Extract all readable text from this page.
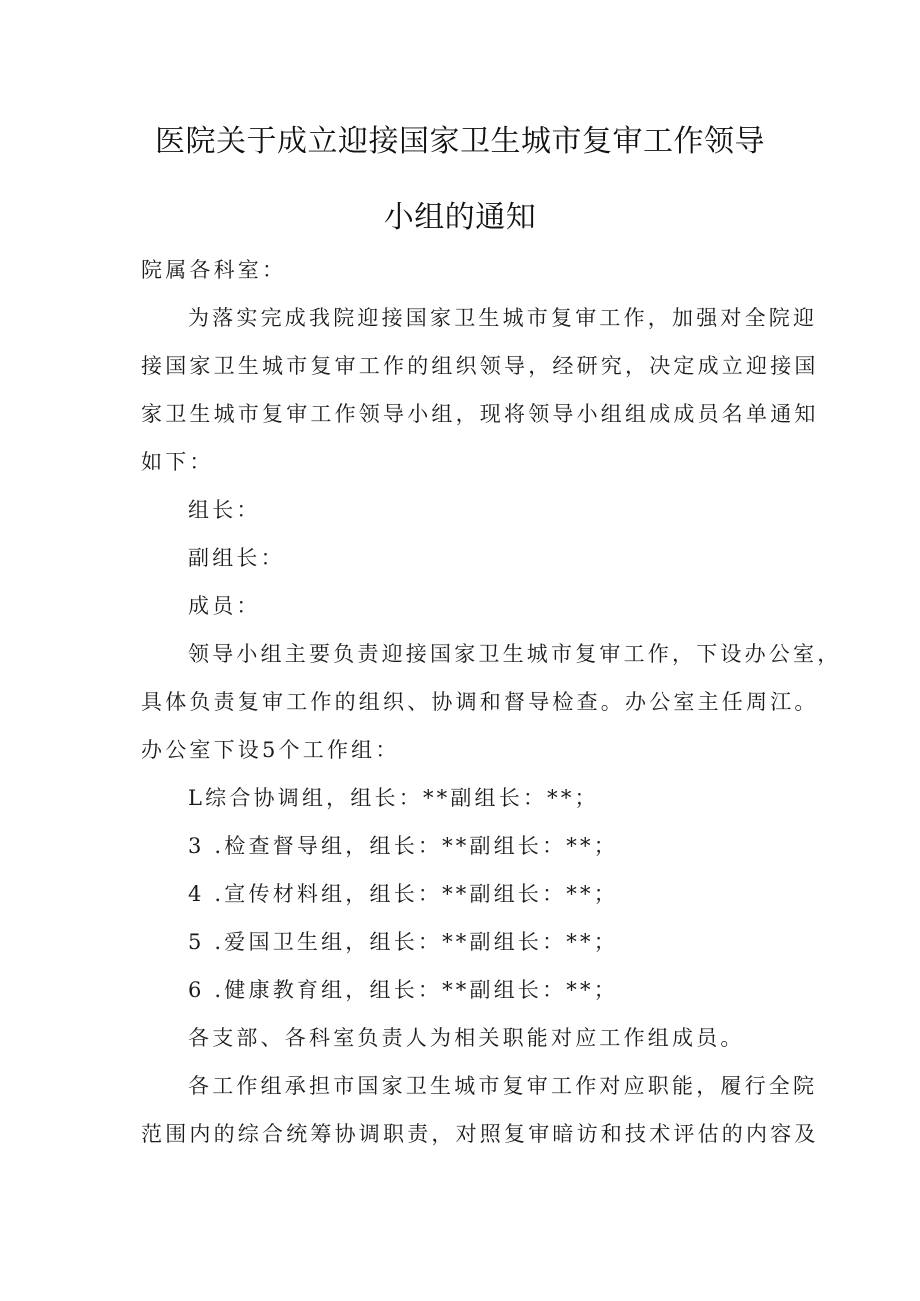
医院关于成立迎接国家卫生城市复审工作领导
小组的通知
院属各科室：
为落实完成我院迎接国家卫生城市复审工作，加强对全院迎
接国家卫生城市复审工作的组织领导，经研究，决定成立迎接国
家卫生城市复审工作领导小组，现将领导小组组成成员名单通知
如下：
组长：
副组长：
成员：
领导小组主要负责迎接国家卫生城市复审工作，下设办公室，
具体负责复审工作的组织、协调和督导检查。办公室主任周江。
办公室下设5个工作组：
L综合协调组，组长：**副组长：**；
3 .检查督导组，组长：**副组长：**；
4 .宣传材料组，组长：**副组长：**；
5 .爱国卫生组，组长：**副组长：**；
6 .健康教育组，组长：**副组长：**；
各支部、各科室负责人为相关职能对应工作组成员。
各工作组承担市国家卫生城市复审工作对应职能，履行全院
范围内的综合统筹协调职责，对照复审暗访和技术评估的内容及
